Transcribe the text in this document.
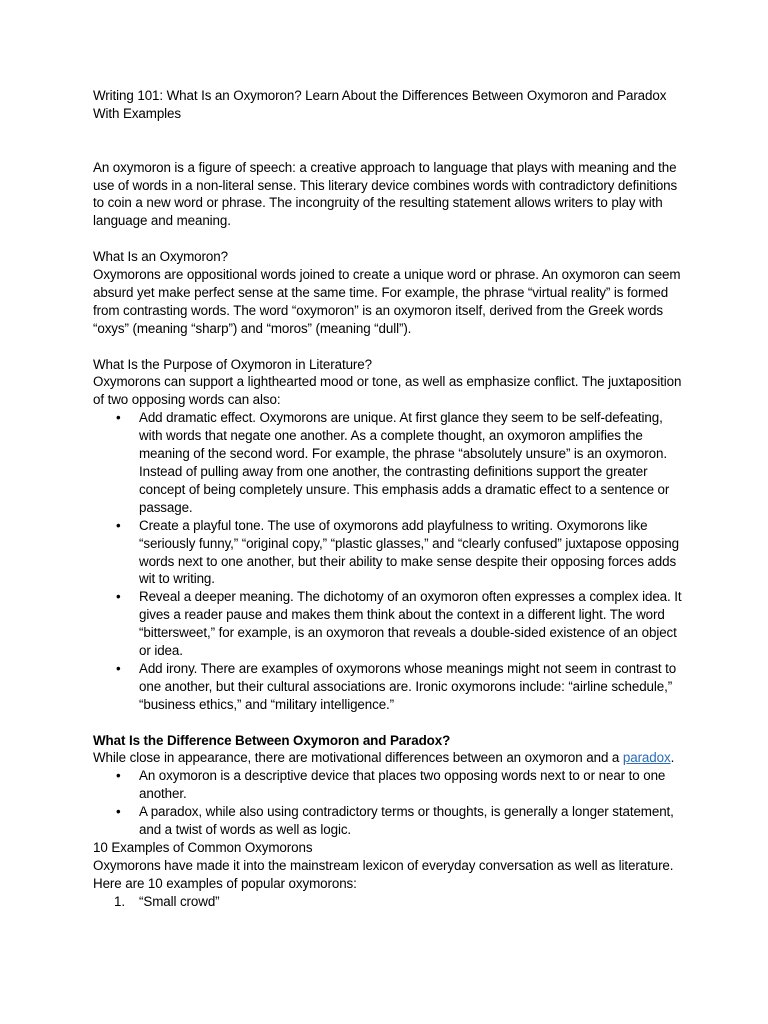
Writing 101: What Is an Oxymoron? Learn About the Differences Between Oxymoron and Paradox With Examples

An oxymoron is a figure of speech: a creative approach to language that plays with meaning and the use of words in a non-literal sense. This literary device combines words with contradictory definitions to coin a new word or phrase. The incongruity of the resulting statement allows writers to play with language and meaning.

What Is an Oxymoron?

Oxymorons are oppositional words joined to create a unique word or phrase. An oxymoron can seem absurd yet make perfect sense at the same time. For example, the phrase “virtual reality” is formed from contrasting words. The word “oxymoron” is an oxymoron itself, derived from the Greek words “oxys” (meaning “sharp”) and “moros” (meaning “dull”).

What Is the Purpose of Oxymoron in Literature?

Oxymorons can support a lighthearted mood or tone, as well as emphasize conflict. The juxtaposition of two opposing words can also:

• Add dramatic effect. Oxymorons are unique. At first glance they seem to be self-defeating, with words that negate one another. As a complete thought, an oxymoron amplifies the meaning of the second word. For example, the phrase “absolutely unsure” is an oxymoron. Instead of pulling away from one another, the contrasting definitions support the greater concept of being completely unsure. This emphasis adds a dramatic effect to a sentence or passage.
• Create a playful tone. The use of oxymorons add playfulness to writing. Oxymorons like “seriously funny,” “original copy,” “plastic glasses,” and “clearly confused” juxtapose opposing words next to one another, but their ability to make sense despite their opposing forces adds wit to writing.
• Reveal a deeper meaning. The dichotomy of an oxymoron often expresses a complex idea. It gives a reader pause and makes them think about the context in a different light. The word “bittersweet,” for example, is an oxymoron that reveals a double-sided existence of an object or idea.
• Add irony. There are examples of oxymorons whose meanings might not seem in contrast to one another, but their cultural associations are. Ironic oxymorons include: “airline schedule,” “business ethics,” and “military intelligence.”

What Is the Difference Between Oxymoron and Paradox?

While close in appearance, there are motivational differences between an oxymoron and a paradox.

• An oxymoron is a descriptive device that places two opposing words next to or near to one another.
• A paradox, while also using contradictory terms or thoughts, is generally a longer statement, and a twist of words as well as logic.

10 Examples of Common Oxymorons

Oxymorons have made it into the mainstream lexicon of everyday conversation as well as literature. Here are 10 examples of popular oxymorons:

1. “Small crowd”
